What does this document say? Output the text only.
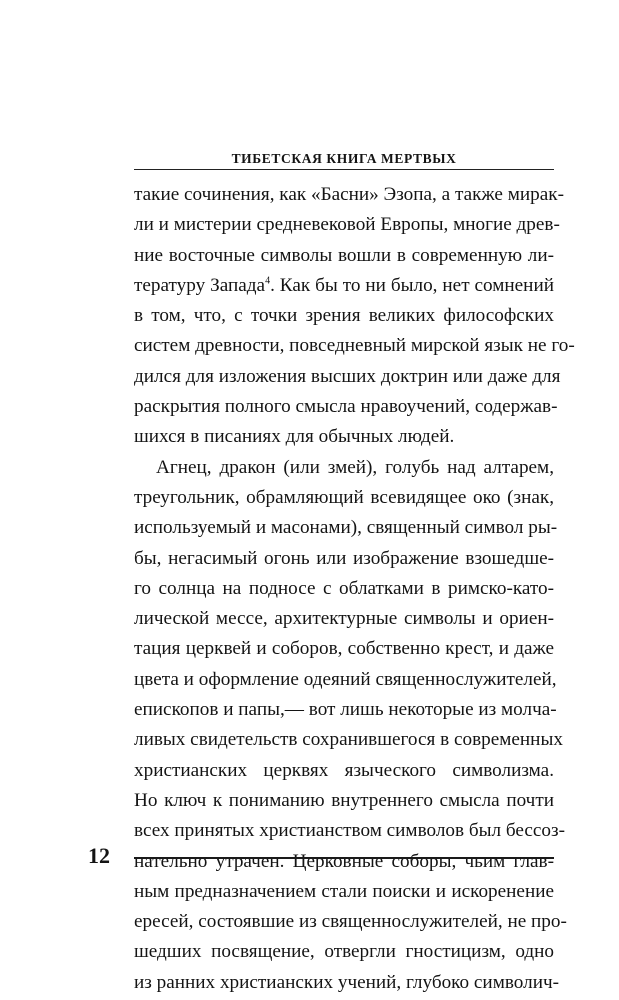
ТИБЕТСКАЯ КНИГА МЕРТВЫХ
такие сочинения, как «Басни» Эзопа, а также мирак-
ли и мистерии средневековой Европы, многие древ-
ние восточные символы вошли в современную ли-
тературу Запада$^4$. Как бы то ни было, нет сомнений
в том, что, с точки зрения великих философских
систем древности, повседневный мирской язык не го-
дился для изложения высших доктрин или даже для
раскрытия полного смысла нравоучений, содержав-
шихся в писаниях для обычных людей.
Агнец, дракон (или змей), голубь над алтарем,
треугольник, обрамляющий всевидящее око (знак,
используемый и масонами), священный символ ры-
бы, негасимый огонь или изображение взошедше-
го солнца на подносе с облатками в римско-като-
лической мессе, архитектурные символы и ориен-
тация церквей и соборов, собственно крест, и даже
цвета и оформление одеяний священнослужителей,
епископов и папы,— вот лишь некоторые из молча-
ливых свидетельств сохранившегося в современных
христианских церквях языческого символизма.
Но ключ к пониманию внутреннего смысла почти
всех принятых христианством символов был бессоз-
нательно утрачен. Церковные соборы, чьим глав-
ным предназначением стали поиски и искоренение
ересей, состоявшие из священнослужителей, не про-
шедших посвящение, отвергли гностицизм, одно
из ранних христианских учений, глубоко символич-

12
